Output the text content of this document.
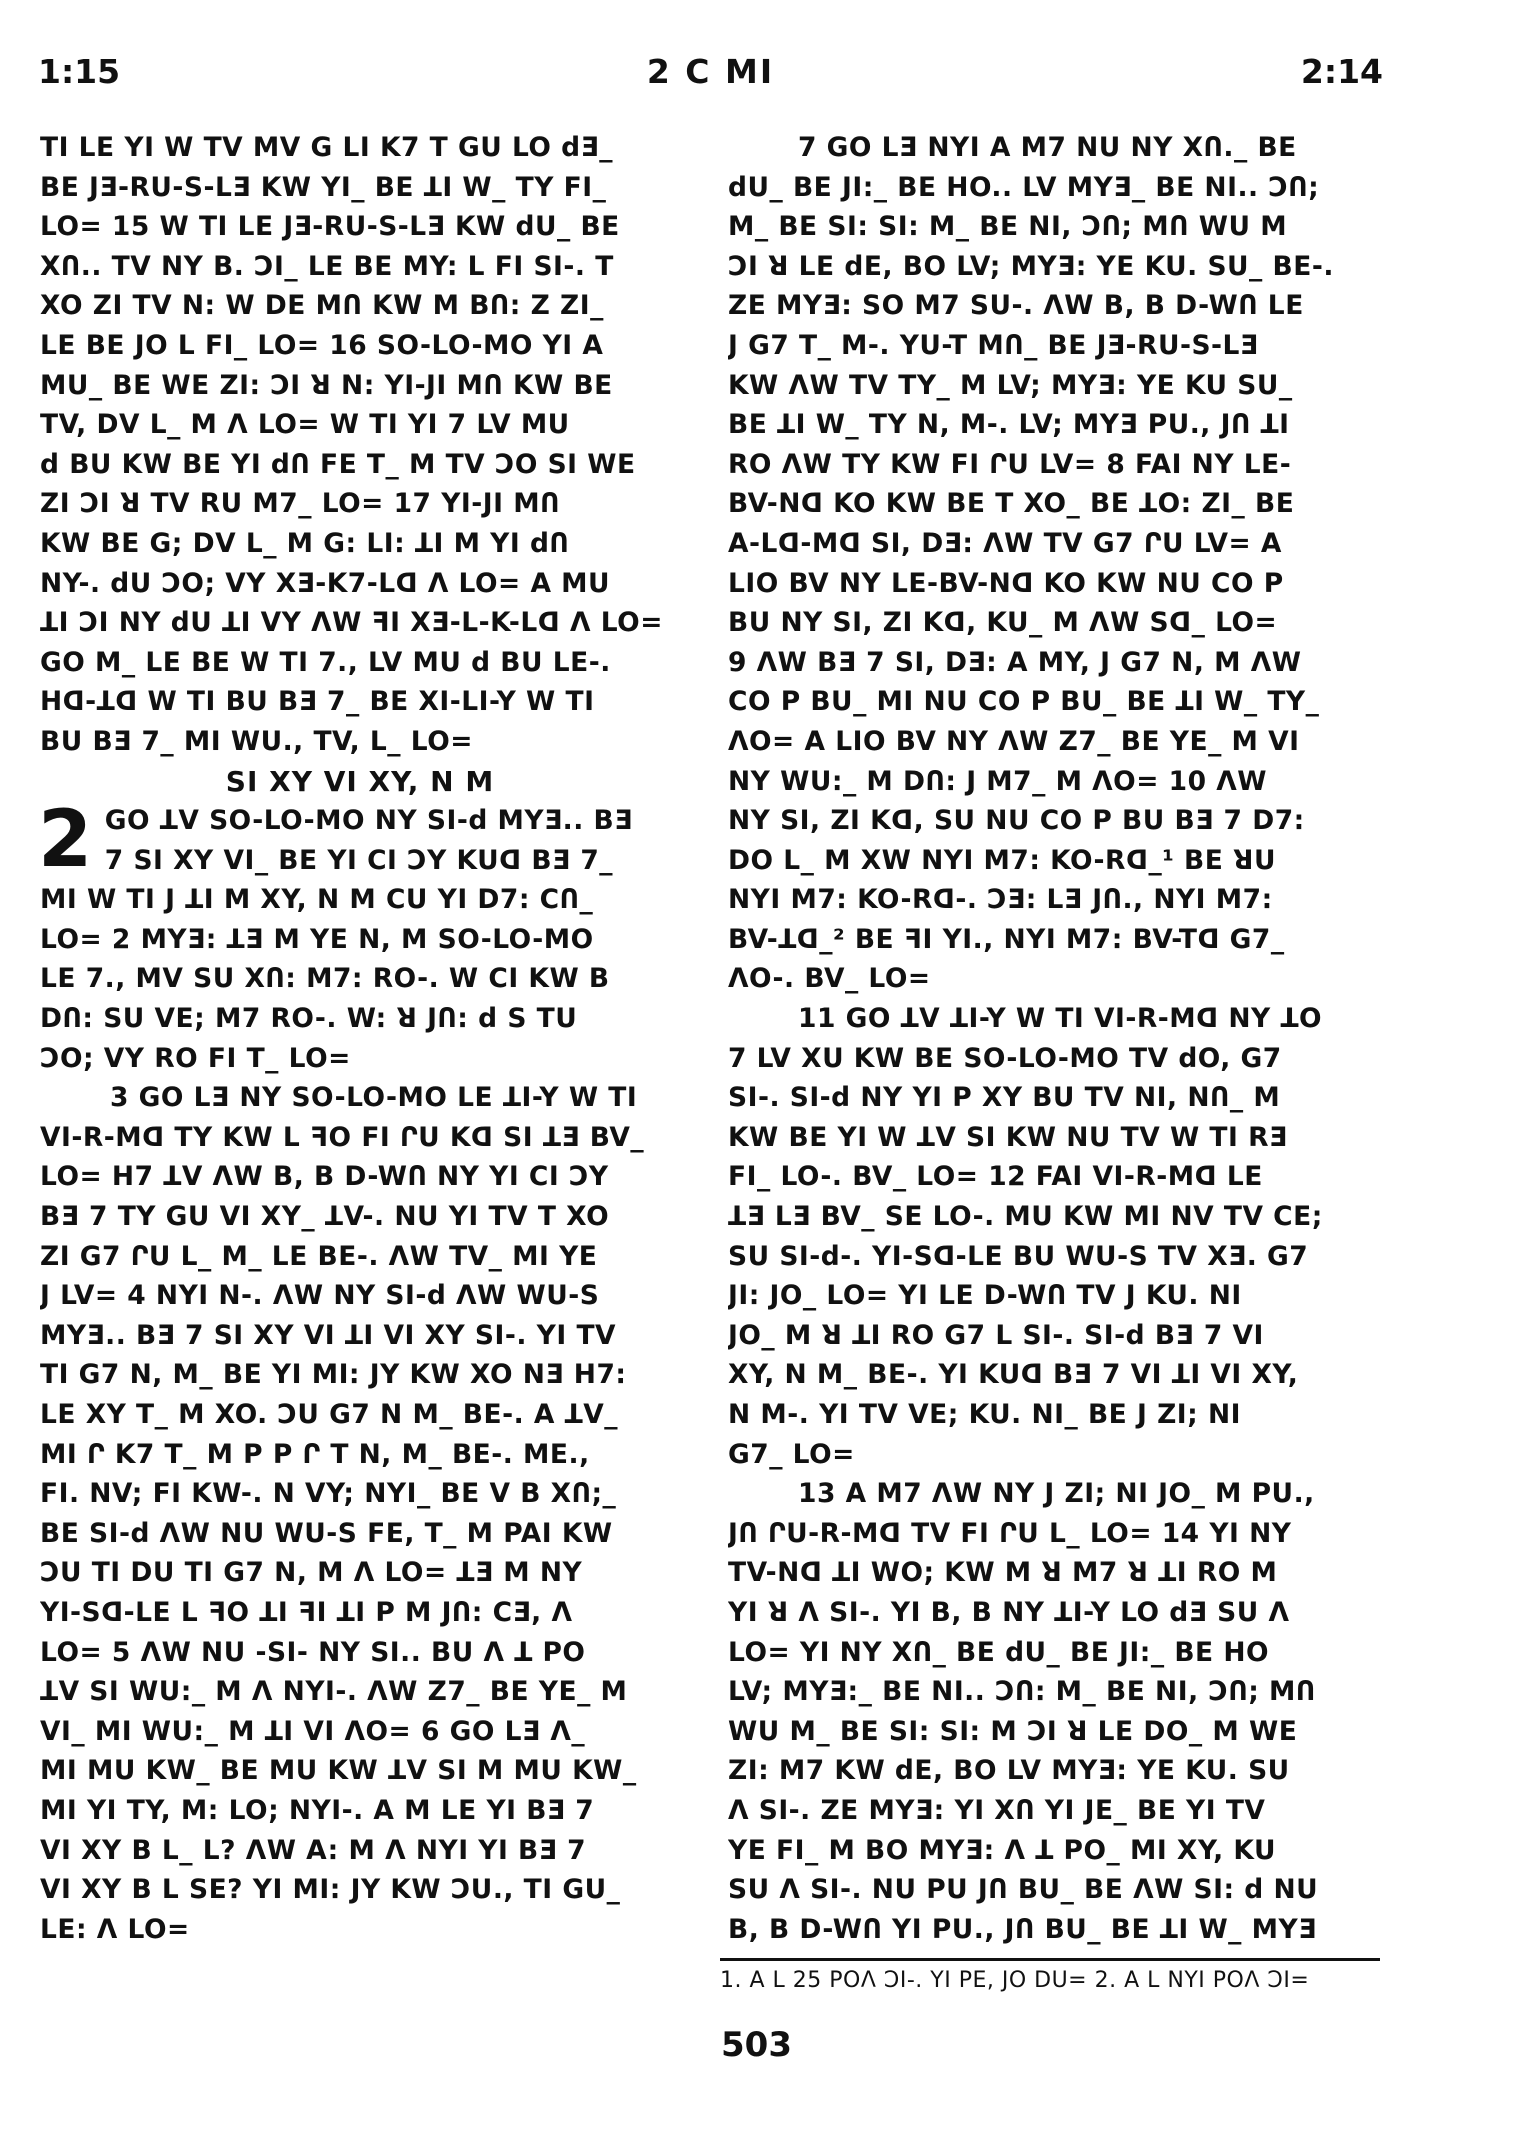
1:15	2 C MI	2:14

TI LE YI W TV MV G LI K7 T GU LO dƎ_

BE JƎ-RU-S-LƎ KW YI_ BE ꓕI W_ TY FI_

LO= 15 W TI LE JƎ-RU-S-LƎ KW dU_ BE

XՈ.. TV NY B. ƆI_ LE BE MY: L FI SI-. T

XO ZI TV N: W DE MՈ KW M BՈ: Z ZI_

LE BE JO L FI_ LO= 16 SO-LO-MO YI A

MU_ BE WE ZI: ƆI ꓤ N: YI-JI MՈ KW BE

TV, DV L_ M Λ LO= W TI YI 7 LV MU

d BU KW BE YI dՈ FE T_ M TV ƆO SI WE

ZI ƆI ꓤ TV RU M7_ LO= 17 YI-JI MՈ

KW BE G; DV L_ M G: LI: ꓕI M YI dՈ

NY-. dU ƆO; VY XƎ-K7-Lꓷ Λ LO= A MU

ꓕI ƆI NY dU ꓕI VY ΛW ꟻI XƎ-L-K-Lꓷ Λ LO=

GO M_ LE BE W TI 7., LV MU d BU LE-.

Hꓷ-ꓕꓷ W TI BU BƎ 7_ BE XI-LI-Y W TI

BU BƎ 7_ MI WU., TV, L_ LO=

SI XY VI XY, N M

2 GO ꓕV SO-LO-MO NY SI-d MYƎ.. BƎ

7 SI XY VI_ BE YI CI ƆY KUꓷ BƎ 7_

MI W TI J ꓕI M XY, N M CU YI D7: CՈ_

LO= 2 MYƎ: ꓕƎ M YE N, M SO-LO-MO

LE 7., MV SU XՈ: M7: RO-. W CI KW B

DՈ: SU VE; M7 RO-. W: ꓤ JՈ: d S TU

ƆO; VY RO FI T_ LO=

3 GO LƎ NY SO-LO-MO LE ꓕI-Y W TI

VI-R-Mꓷ TY KW L ꟻO FI ՐU Kꓷ SI ꓕƎ BV_

LO= H7 ꓕV ΛW B, B D-WՈ NY YI CI ƆY

BƎ 7 TY GU VI XY_ ꓕV-. NU YI TV T XO

ZI G7 ՐU L_ M_ LE BE-. ΛW TV_ MI YE

J LV= 4 NYI N-. ΛW NY SI-d ΛW WU-S

MYƎ.. BƎ 7 SI XY VI ꓕI VI XY SI-. YI TV

TI G7 N, M_ BE YI MI: JY KW XO NƎ H7:

LE XY T_ M XO. ƆU G7 N M_ BE-. A ꓕV_

MI Ր K7 T_ M P P Ր T N, M_ BE-. ME.,

FI. NV; FI KW-. N VY; NYI_ BE V B XՈ;_

BE SI-d ΛW NU WU-S FE, T_ M PAI KW

ƆU TI DU TI G7 N, M Λ LO= ꓕƎ M NY

YI-Sꓷ-LE L ꟻO ꓕI ꟻI ꓕI P M JՈ: CƎ, Λ

LO= 5 ΛW NU -SI- NY SI.. BU Λ ꓕ PO

ꓕV SI WU:_ M Λ NYI-. ΛW Z7_ BE YE_ M

VI_ MI WU:_ M ꓕI VI ΛO= 6 GO LƎ Λ_

MI MU KW_ BE MU KW ꓕV SI M MU KW_

MI YI TY, M: LO; NYI-. A M LE YI BƎ 7

VI XY B L_ L? ΛW A: M Λ NYI YI BƎ 7

VI XY B L SE? YI MI: JY KW ƆU., TI GU_

LE: Λ LO=

7 GO LƎ NYI A M7 NU NY XՈ._ BE

dU_ BE JI:_ BE HO.. LV MYƎ_ BE NI.. ƆՈ;

M_ BE SI: SI: M_ BE NI, ƆՈ; MՈ WU M

ƆI ꓤ LE dE, BO LV; MYƎ: YE KU. SU_ BE-.

ZE MYƎ: SO M7 SU-. ΛW B, B D-WՈ LE

J G7 T_ M-. YU-T MՈ_ BE JƎ-RU-S-LƎ

KW ΛW TV TY_ M LV; MYƎ: YE KU SU_

BE ꓕI W_ TY N, M-. LV; MYƎ PU., JՈ ꓕI

RO ΛW TY KW FI ՐU LV= 8 FAI NY LE-

BV-Nꓷ KO KW BE T XO_ BE ꓕO: ZI_ BE

A-Lꓷ-Mꓷ SI, DƎ: ΛW TV G7 ՐU LV= A

LIO BV NY LE-BV-Nꓷ KO KW NU CO P

BU NY SI, ZI Kꓷ, KU_ M ΛW Sꓷ_ LO=

9 ΛW BƎ 7 SI, DƎ: A MY, J G7 N, M ΛW

CO P BU_ MI NU CO P BU_ BE ꓕI W_ TY_

ΛO= A LIO BV NY ΛW Z7_ BE YE_ M VI

NY WU:_ M DՈ: J M7_ M ΛO= 10 ΛW

NY SI, ZI Kꓷ, SU NU CO P BU BƎ 7 D7:

DO L_ M XW NYI M7: KO-Rꓷ_¹ BE ꓤU

NYI M7: KO-Rꓷ-. ƆƎ: LƎ JՈ., NYI M7:

BV-ꓕꓷ_² BE ꟻI YI., NYI M7: BV-Tꓷ G7_

ΛO-. BV_ LO=

11 GO ꓕV ꓕI-Y W TI VI-R-Mꓷ NY ꓕO

7 LV XU KW BE SO-LO-MO TV dO, G7

SI-. SI-d NY YI P XY BU TV NI, NՈ_ M

KW BE YI W ꓕV SI KW NU TV W TI RƎ

FI_ LO-. BV_ LO= 12 FAI VI-R-Mꓷ LE

ꓕƎ LƎ BV_ SE LO-. MU KW MI NV TV CE;

SU SI-d-. YI-Sꓷ-LE BU WU-S TV XƎ. G7

JI: JO_ LO= YI LE D-WՈ TV J KU. NI

JO_ M ꓤ ꓕI RO G7 L SI-. SI-d BƎ 7 VI

XY, N M_ BE-. YI KUꓷ BƎ 7 VI ꓕI VI XY,

N M-. YI TV VE; KU. NI_ BE J ZI; NI

G7_ LO=

13 A M7 ΛW NY J ZI; NI JO_ M PU.,

JՈ ՐU-R-Mꓷ TV FI ՐU L_ LO= 14 YI NY

TV-Nꓷ ꓕI WO; KW M ꓤ M7 ꓤ ꓕI RO M

YI ꓤ Λ SI-. YI B, B NY ꓕI-Y LO dƎ SU Λ

LO= YI NY XՈ_ BE dU_ BE JI:_ BE HO

LV; MYƎ:_ BE NI.. ƆՈ: M_ BE NI, ƆՈ; MՈ

WU M_ BE SI: SI: M ƆI ꓤ LE DO_ M WE

ZI: M7 KW dE, BO LV MYƎ: YE KU. SU

Λ SI-. ZE MYƎ: YI XՈ YI JE_ BE YI TV

YE FI_ M BO MYƎ: Λ ꓕ PO_ MI XY, KU

SU Λ SI-. NU PU JՈ BU_ BE ΛW SI: d NU

B, B D-WՈ YI PU., JՈ BU_ BE ꓕI W_ MYƎ

1. A L 25 POΛ ƆI-. YI PE, JO DU= 2. A L NYI POΛ ƆI=
503
